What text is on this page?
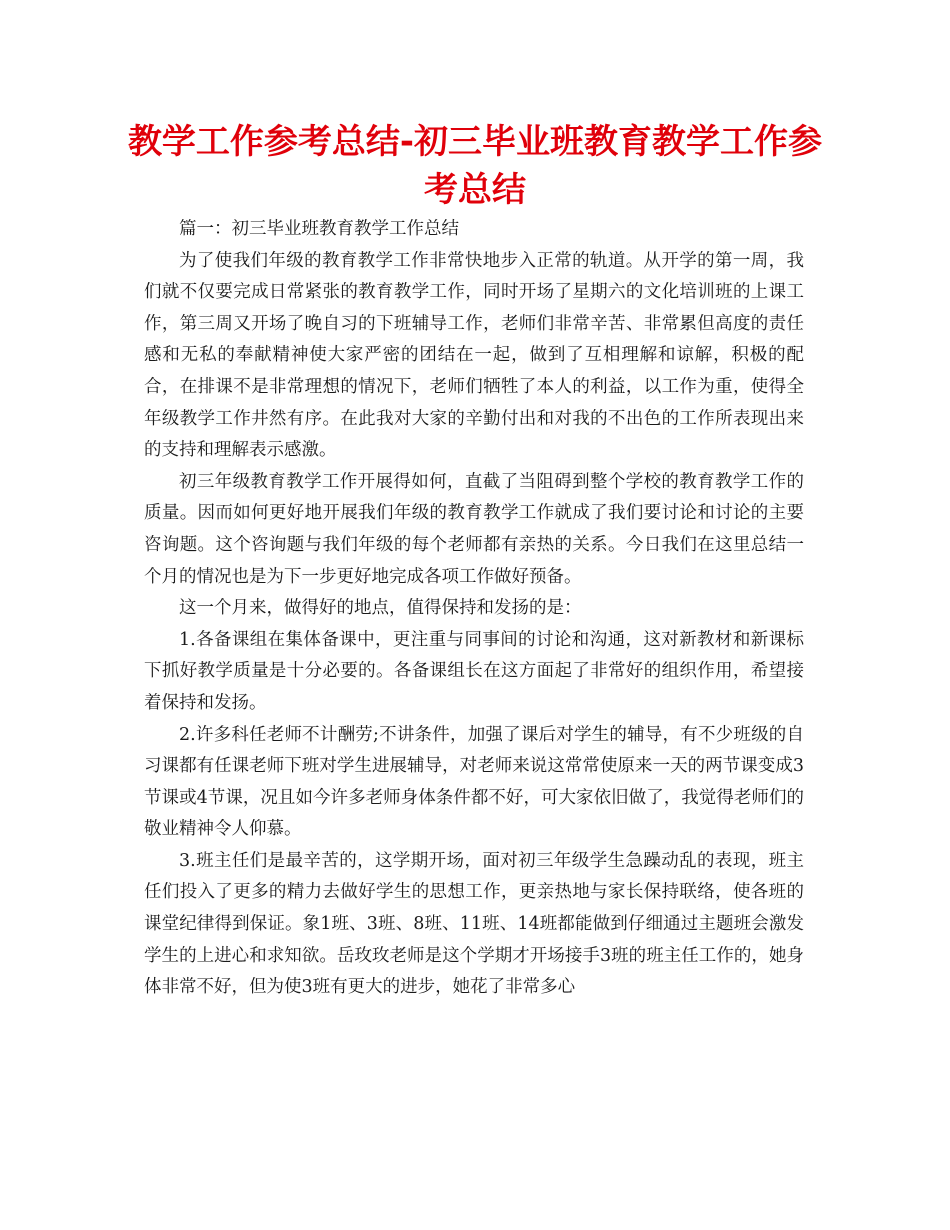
教学工作参考总结-初三毕业班教育教学工作参考总结

篇一：初三毕业班教育教学工作总结

为了使我们年级的教育教学工作非常快地步入正常的轨道。从开学的第一周，我们就不仅要完成日常紧张的教育教学工作，同时开场了星期六的文化培训班的上课工作，第三周又开场了晚自习的下班辅导工作，老师们非常辛苦、非常累但高度的责任感和无私的奉献精神使大家严密的团结在一起，做到了互相理解和谅解，积极的配合，在排课不是非常理想的情况下，老师们牺牲了本人的利益，以工作为重，使得全年级教学工作井然有序。在此我对大家的辛勤付出和对我的不出色的工作所表现出来的支持和理解表示感激。

初三年级教育教学工作开展得如何，直截了当阻碍到整个学校的教育教学工作的质量。因而如何更好地开展我们年级的教育教学工作就成了我们要讨论和讨论的主要咨询题。这个咨询题与我们年级的每个老师都有亲热的关系。今日我们在这里总结一个月的情况也是为下一步更好地完成各项工作做好预备。

这一个月来，做得好的地点，值得保持和发扬的是：

1.各备课组在集体备课中，更注重与同事间的讨论和沟通，这对新教材和新课标下抓好教学质量是十分必要的。各备课组长在这方面起了非常好的组织作用，希望接着保持和发扬。

2.许多科任老师不计酬劳;不讲条件，加强了课后对学生的辅导，有不少班级的自习课都有任课老师下班对学生进展辅导，对老师来说这常常使原来一天的两节课变成3节课或4节课，况且如今许多老师身体条件都不好，可大家依旧做了，我觉得老师们的敬业精神令人仰慕。

3.班主任们是最辛苦的，这学期开场，面对初三年级学生急躁动乱的表现，班主任们投入了更多的精力去做好学生的思想工作，更亲热地与家长保持联络，使各班的课堂纪律得到保证。象1班、3班、8班、11班、14班都能做到仔细通过主题班会激发学生的上进心和求知欲。岳玫玫老师是这个学期才开场接手3班的班主任工作的，她身体非常不好，但为使3班有更大的进步，她花了非常多心
